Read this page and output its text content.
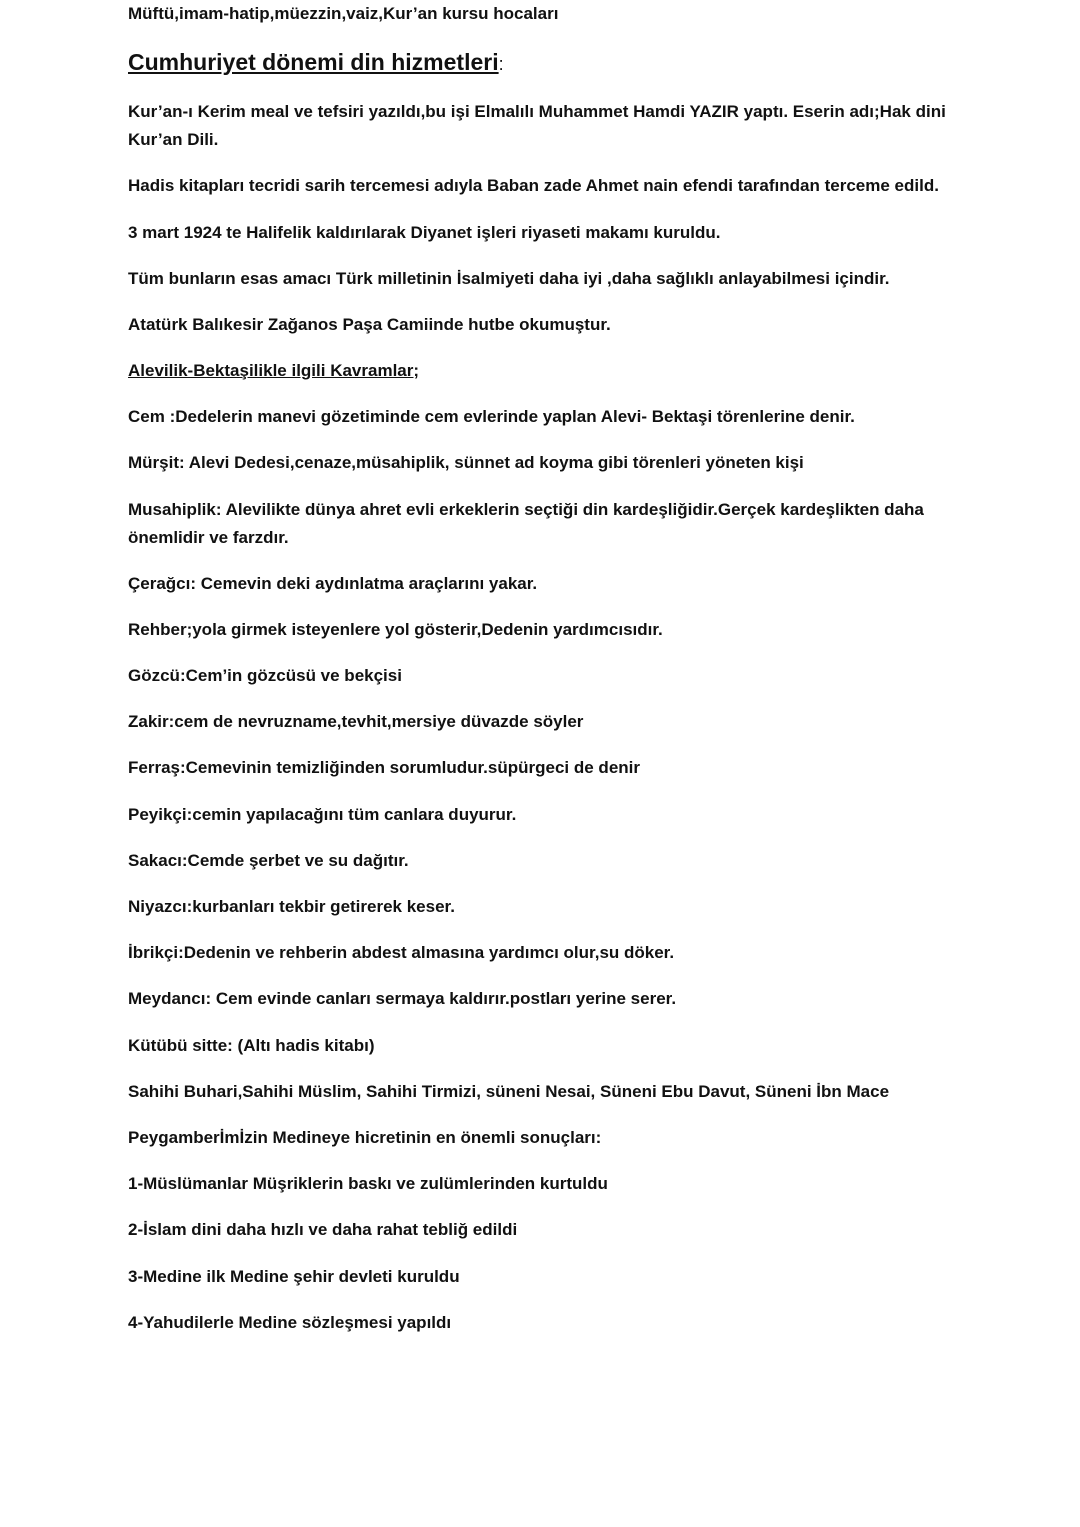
Müftü,imam-hatip,müezzin,vaiz,Kur’an kursu hocaları
Cumhuriyet dönemi din hizmetleri:
Kur’an-ı Kerim meal ve tefsiri yazıldı,bu işi Elmalılı Muhammet Hamdi YAZIR yaptı. Eserin adı;Hak dini Kur’an Dili.
Hadis kitapları tecridi sarih tercemesi adıyla Baban zade Ahmet nain efendi tarafından terceme edild.
3 mart 1924 te Halifelik kaldırılarak Diyanet işleri riyaseti makamı kuruldu.
Tüm bunların esas amacı Türk milletinin İsalmiyeti daha iyi ,daha sağlıklı anlayabilmesi içindir.
Atatürk Balıkesir Zağanos Paşa Camiinde hutbe okumuştur.
Alevilik-Bektaşilikle ilgili Kavramlar;
Cem :Dedelerin manevi gözetiminde cem evlerinde yaplan Alevi- Bektaşi törenlerine denir.
Mürşit: Alevi Dedesi,cenaze,müsahiplik, sünnet ad koyma gibi törenleri yöneten kişi
Musahiplik: Alevilikte dünya ahret evli erkeklerin seçtiği din kardeşliğidir.Gerçek kardeşlikten daha önemlidir ve farzdır.
Çerağcı: Cemevin deki aydınlatma araçlarını yakar.
Rehber;yola girmek isteyenlere yol gösterir,Dedenin yardımcısıdır.
Gözcü:Cem’in gözcüsü ve bekçisi
Zakir:cem de nevruzname,tevhit,mersiye düvazde söyler
Ferraş:Cemevinin temizliğinden sorumludur.süpürgeci de denir
Peyikçi:cemin yapılacağını tüm canlara duyurur.
Sakacı:Cemde şerbet ve su dağıtır.
Niyazcı:kurbanları tekbir getirerek keser.
İbrikçi:Dedenin ve rehberin abdest almasına yardımcı olur,su döker.
Meydancı: Cem evinde canları sermaya kaldırır.postları yerine serer.
Kütübü sitte: (Altı hadis kitabı)
Sahihi Buhari,Sahihi Müslim, Sahihi Tirmizi, süneni Nesai, Süneni Ebu Davut, Süneni İbn Mace
Peygamberİmİzin Medineye hicretinin en önemli sonuçları:
1-Müslümanlar Müşriklerin baskı ve zulümlerinden kurtuldu
2-İslam dini daha hızlı ve daha rahat tebliğ edildi
3-Medine ilk Medine şehir devleti kuruldu
4-Yahudilerle Medine sözleşmesi yapıldı
